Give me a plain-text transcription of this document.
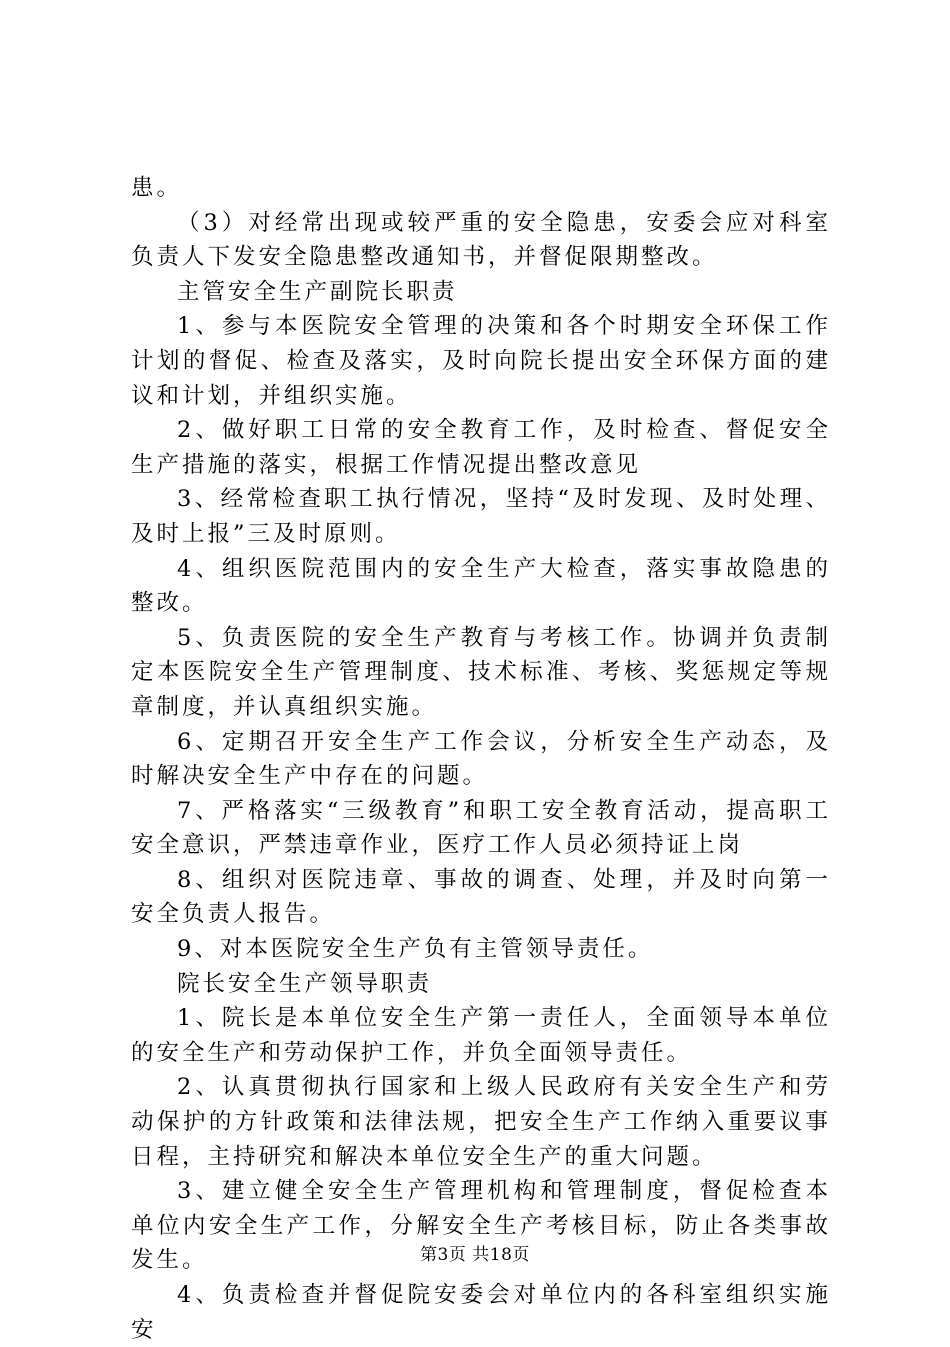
患。

（3）对经常出现或较严重的安全隐患，安委会应对科室负责人下发安全隐患整改通知书，并督促限期整改。

主管安全生产副院长职责

1、参与本医院安全管理的决策和各个时期安全环保工作计划的督促、检查及落实，及时向院长提出安全环保方面的建议和计划，并组织实施。

2、做好职工日常的安全教育工作，及时检查、督促安全生产措施的落实，根据工作情况提出整改意见

3、经常检查职工执行情况，坚持“及时发现、及时处理、及时上报”三及时原则。

4、组织医院范围内的安全生产大检查，落实事故隐患的整改。

5、负责医院的安全生产教育与考核工作。协调并负责制定本医院安全生产管理制度、技术标准、考核、奖惩规定等规章制度，并认真组织实施。

6、定期召开安全生产工作会议，分析安全生产动态，及时解决安全生产中存在的问题。

7、严格落实“三级教育”和职工安全教育活动，提高职工安全意识，严禁违章作业，医疗工作人员必须持证上岗

8、组织对医院违章、事故的调查、处理，并及时向第一安全负责人报告。

9、对本医院安全生产负有主管领导责任。

院长安全生产领导职责

1、院长是本单位安全生产第一责任人，全面领导本单位的安全生产和劳动保护工作，并负全面领导责任。

2、认真贯彻执行国家和上级人民政府有关安全生产和劳动保护的方针政策和法律法规，把安全生产工作纳入重要议事日程，主持研究和解决本单位安全生产的重大问题。

3、建立健全安全生产管理机构和管理制度，督促检查本单位内安全生产工作，分解安全生产考核目标，防止各类事故发生。

4、负责检查并督促院安委会对单位内的各科室组织实施安

第3页 共18页
